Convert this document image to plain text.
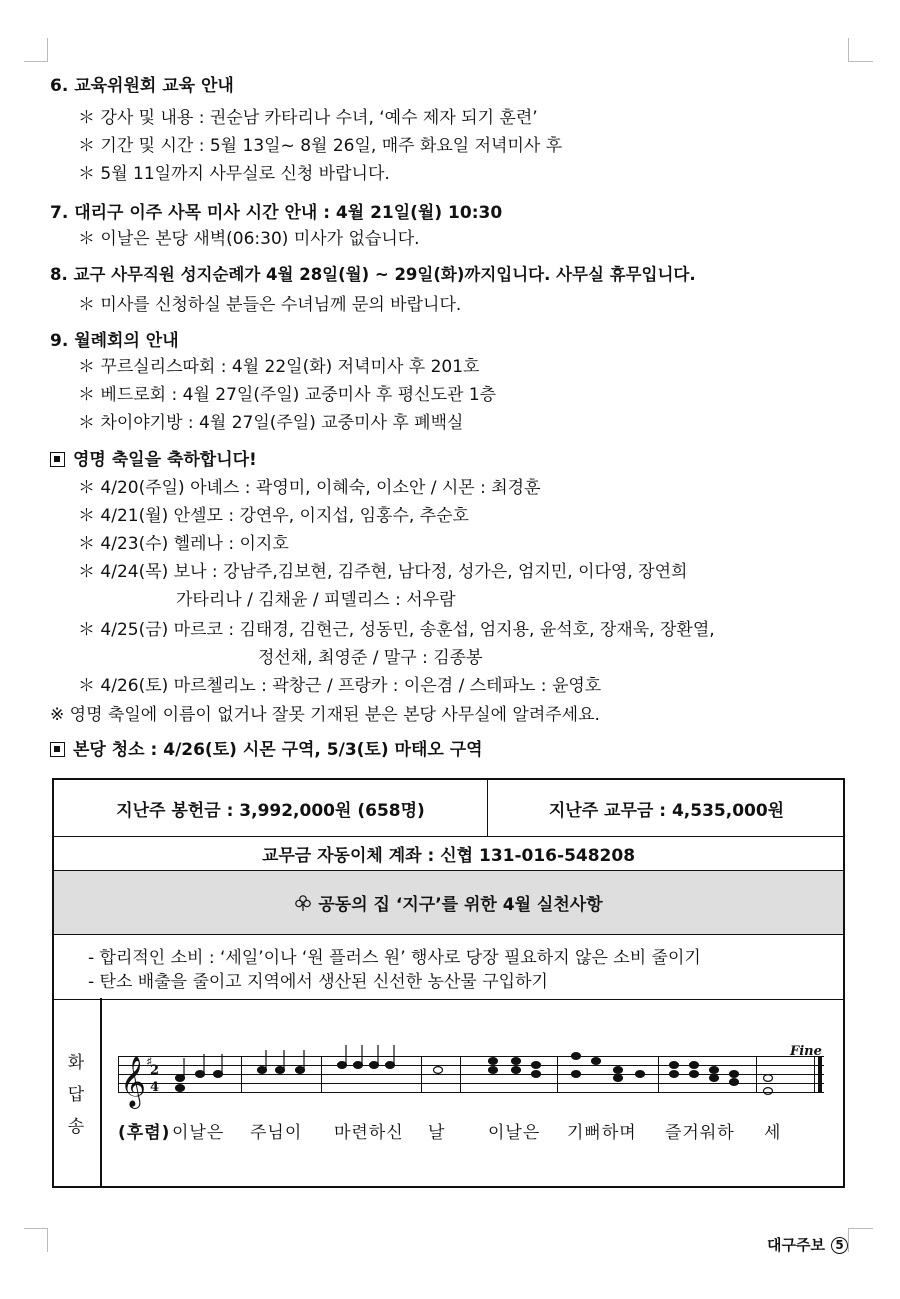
6. 교육위원회 교육 안내
＊ 강사 및 내용 : 권순남 카타리나 수녀, ‘예수 제자 되기 훈련’
＊ 기간 및 시간 : 5월 13일~ 8월 26일, 매주 화요일 저녁미사 후
＊ 5월 11일까지 사무실로 신청 바랍니다.
7. 대리구 이주 사목 미사 시간 안내 : 4월 21일(월) 10:30
＊ 이날은 본당 새벽(06:30) 미사가 없습니다.
8. 교구 사무직원 성지순례가 4월 28일(월) ~ 29일(화)까지입니다. 사무실 휴무입니다.
＊ 미사를 신청하실 분들은 수녀님께 문의 바랍니다.
9. 월례회의 안내
＊ 꾸르실리스따회 : 4월 22일(화) 저녁미사 후 201호
＊ 베드로회 : 4월 27일(주일) 교중미사 후 평신도관 1층
＊ 차이야기방 : 4월 27일(주일) 교중미사 후 폐백실
영명 축일을 축하합니다!
＊ 4/20(주일) 아녜스 : 곽영미, 이혜숙, 이소안 / 시몬 : 최경훈
＊ 4/21(월) 안셀모 : 강연우, 이지섭, 임홍수, 추순호
＊ 4/23(수) 헬레나 : 이지호
＊ 4/24(목) 보나 : 강남주,김보현, 김주현, 남다정, 성가은, 엄지민, 이다영, 장연희
가타리나 / 김채윤 / 피델리스 : 서우람
＊ 4/25(금) 마르코 : 김태경, 김현근, 성동민, 송훈섭, 엄지용, 윤석호, 장재욱, 장환열,
정선채, 최영준 / 말구 : 김종봉
＊ 4/26(토) 마르첼리노 : 곽창근 / 프랑카 : 이은겸 / 스테파노 : 윤영호
※ 영명 축일에 이름이 없거나 잘못 기재된 분은 본당 사무실에 알려주세요.
본당 청소 : 4/26(토) 시몬 구역, 5/3(토) 마태오 구역
지난주 봉헌금 : 3,992,000원 (658명)	지난주 교무금 : 4,535,000원
교무금 자동이체 계좌 : 신협 131-016-548208
공동의 집 ‘지구’를 위한 4월 실천사항
- 합리적인 소비 : ‘세일’이나 ‘원 플러스 원’ 행사로 당장 필요하지 않은 소비 줄이기
- 탄소 배출을 줄이고 지역에서 생산된 신선한 농산물 구입하기
화
답
송
𝄞 ♯
2
4
Fine
(후렴) 이날은 주님이 마련하신 날	이날은 기뻐하며 즐거워하 세
대구주보 5
